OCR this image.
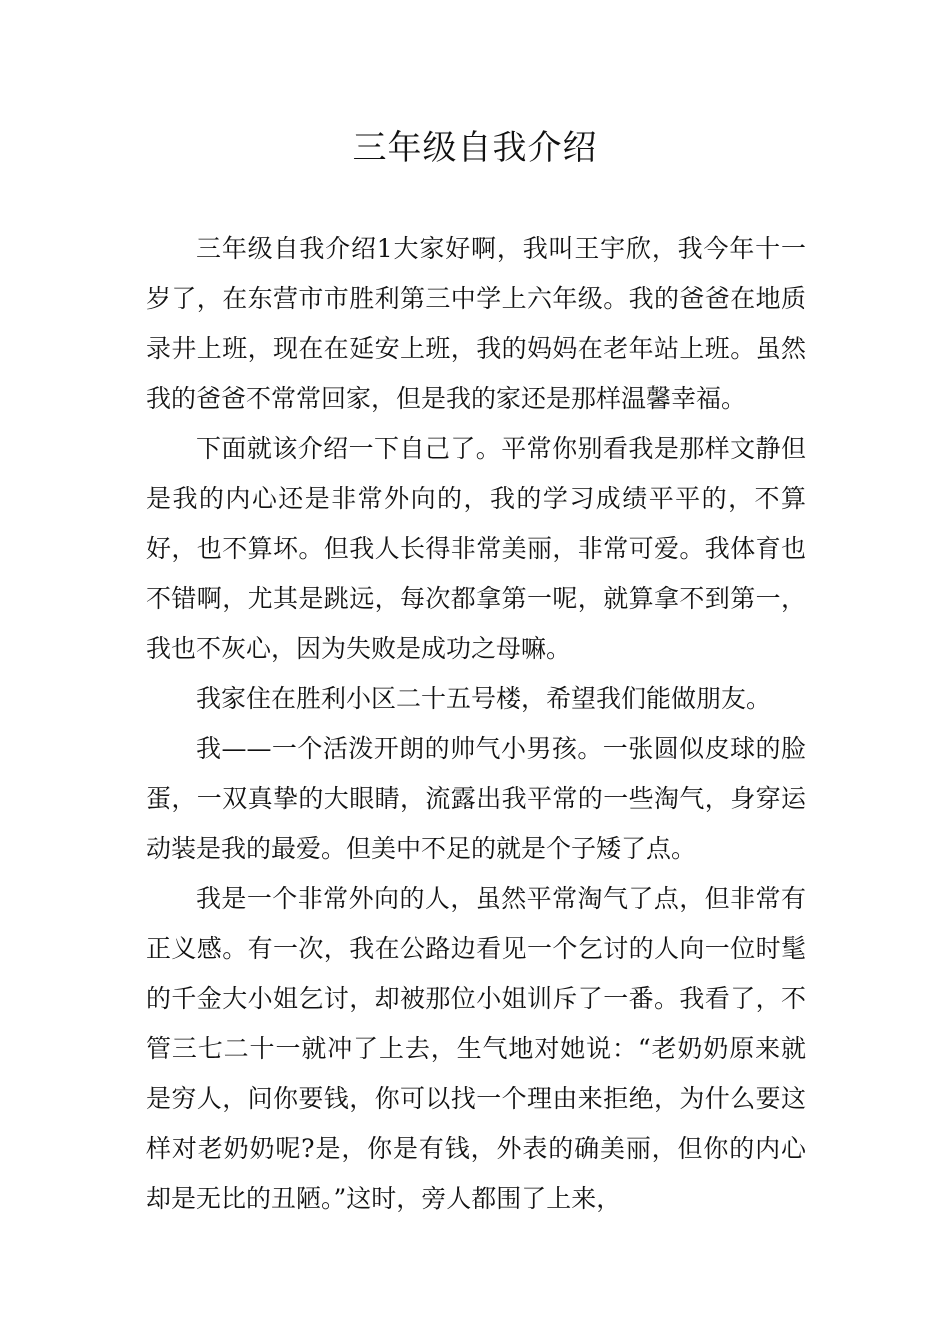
三年级自我介绍

三年级自我介绍1大家好啊，我叫王宇欣，我今年十一岁了，在东营市市胜利第三中学上六年级。我的爸爸在地质录井上班，现在在延安上班，我的妈妈在老年站上班。虽然我的爸爸不常常回家，但是我的家还是那样温馨幸福。

下面就该介绍一下自己了。平常你别看我是那样文静但是我的内心还是非常外向的，我的学习成绩平平的，不算好，也不算坏。但我人长得非常美丽，非常可爱。我体育也不错啊，尤其是跳远，每次都拿第一呢，就算拿不到第一，我也不灰心，因为失败是成功之母嘛。

我家住在胜利小区二十五号楼，希望我们能做朋友。

我——一个活泼开朗的帅气小男孩。一张圆似皮球的脸蛋，一双真挚的大眼睛，流露出我平常的一些淘气，身穿运动装是我的最爱。但美中不足的就是个子矮了点。

我是一个非常外向的人，虽然平常淘气了点，但非常有正义感。有一次，我在公路边看见一个乞讨的人向一位时髦的千金大小姐乞讨，却被那位小姐训斥了一番。我看了，不管三七二十一就冲了上去，生气地对她说：“老奶奶原来就是穷人，问你要钱，你可以找一个理由来拒绝，为什么要这样对老奶奶呢?是，你是有钱，外表的确美丽，但你的内心却是无比的丑陋。”这时，旁人都围了上来，
